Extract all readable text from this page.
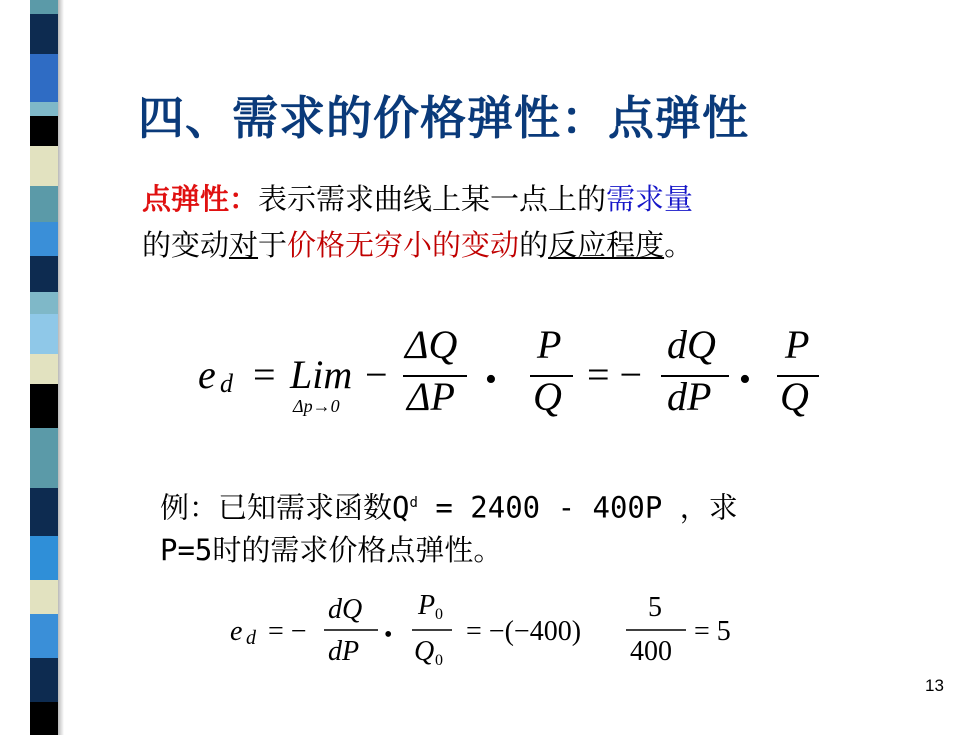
四、需求的价格弹性：点弹性
点弹性：表示需求曲线上某一点上的需求量
的变动对于价格无穷小的变动的反应程度。
e d = Lim
Δp→0
−
ΔQ
ΔP •
P
Q = −
dQ
dP •
P
Q
例：已知需求函数$Q^d = 2400 - 400P$ ，求
P=5时的需求价格点弹性。
e d = −
dQ
dP
•
P 0
Q 0
= −(−400)
5
400
= 5
13
